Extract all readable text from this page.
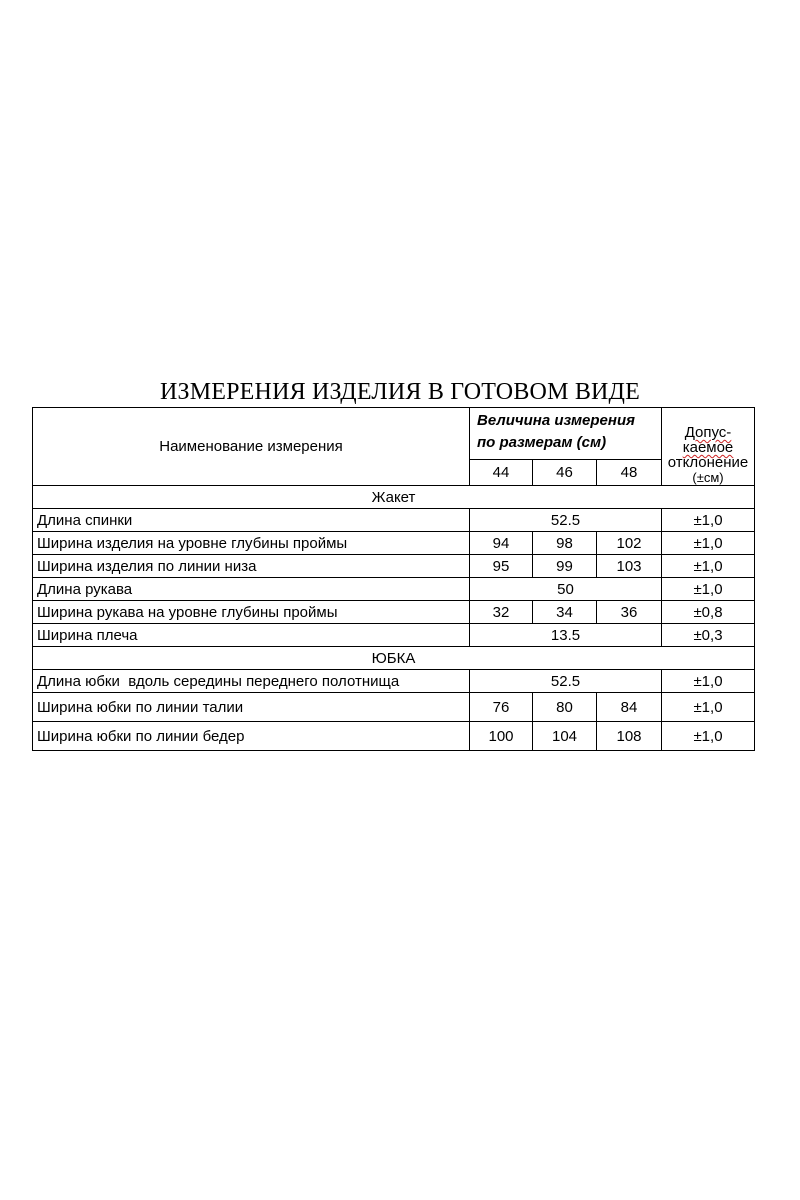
ИЗМЕРЕНИЯ ИЗДЕЛИЯ В ГОТОВОМ ВИДЕ
Наименование измерения	Величина измерения по размерам (см)			Допус-
каемое
отклонение
(±см)
	44	46	48	
Жакет				
Длина спинки	52.5			±1,0
Ширина изделия на уровне глубины проймы	94	98	102	±1,0
Ширина изделия по линии низа	95	99	103	±1,0
Длина рукава	50			±1,0
Ширина рукава на уровне глубины проймы	32	34	36	±0,8
Ширина плеча	13.5			±0,3
ЮБКА				
Длина юбки  вдоль середины переднего полотнища	52.5			±1,0
Ширина юбки по линии талии	76	80	84	±1,0
Ширина юбки по линии бедер	100	104	108	±1,0
